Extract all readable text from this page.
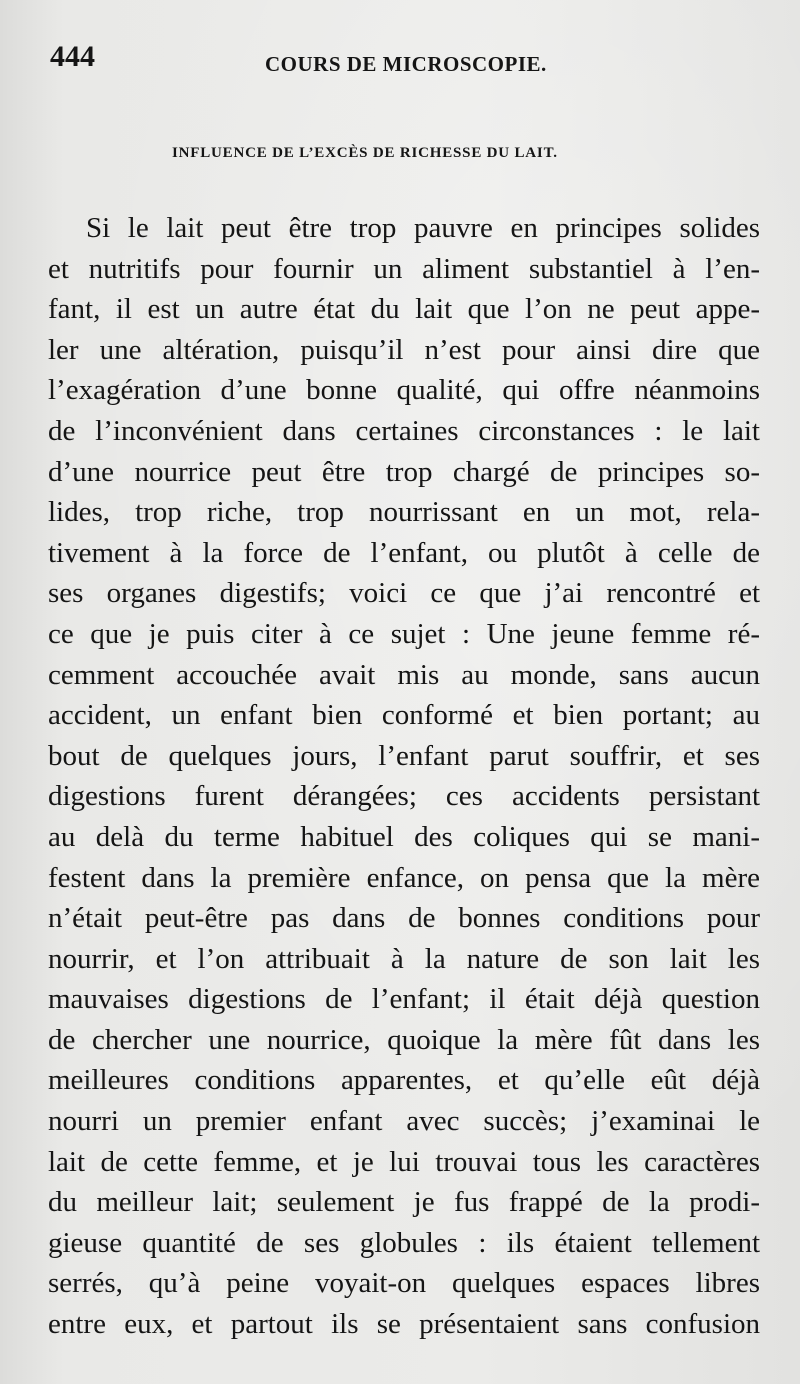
444	COURS DE MICROSCOPIE.
INFLUENCE DE L’EXCÈS DE RICHESSE DU LAIT.
Si le lait peut être trop pauvre en principes solides
et nutritifs pour fournir un aliment substantiel à l’en-
fant, il est un autre état du lait que l’on ne peut appe-
ler une altération, puisqu’il n’est pour ainsi dire que
l’exagération d’une bonne qualité, qui offre néanmoins
de l’inconvénient dans certaines circonstances : le lait
d’une nourrice peut être trop chargé de principes so-
lides, trop riche, trop nourrissant en un mot, rela-
tivement à la force de l’enfant, ou plutôt à celle de
ses organes digestifs; voici ce que j’ai rencontré et
ce que je puis citer à ce sujet : Une jeune femme ré-
cemment accouchée avait mis au monde, sans aucun
accident, un enfant bien conformé et bien portant; au
bout de quelques jours, l’enfant parut souffrir, et ses
digestions furent dérangées; ces accidents persistant
au delà du terme habituel des coliques qui se mani-
festent dans la première enfance, on pensa que la mère
n’était peut-être pas dans de bonnes conditions pour
nourrir, et l’on attribuait à la nature de son lait les
mauvaises digestions de l’enfant; il était déjà question
de chercher une nourrice, quoique la mère fût dans les
meilleures conditions apparentes, et qu’elle eût déjà
nourri un premier enfant avec succès; j’examinai le
lait de cette femme, et je lui trouvai tous les caractères
du meilleur lait; seulement je fus frappé de la prodi-
gieuse quantité de ses globules : ils étaient tellement
serrés, qu’à peine voyait-on quelques espaces libres
entre eux, et partout ils se présentaient sans confusion
